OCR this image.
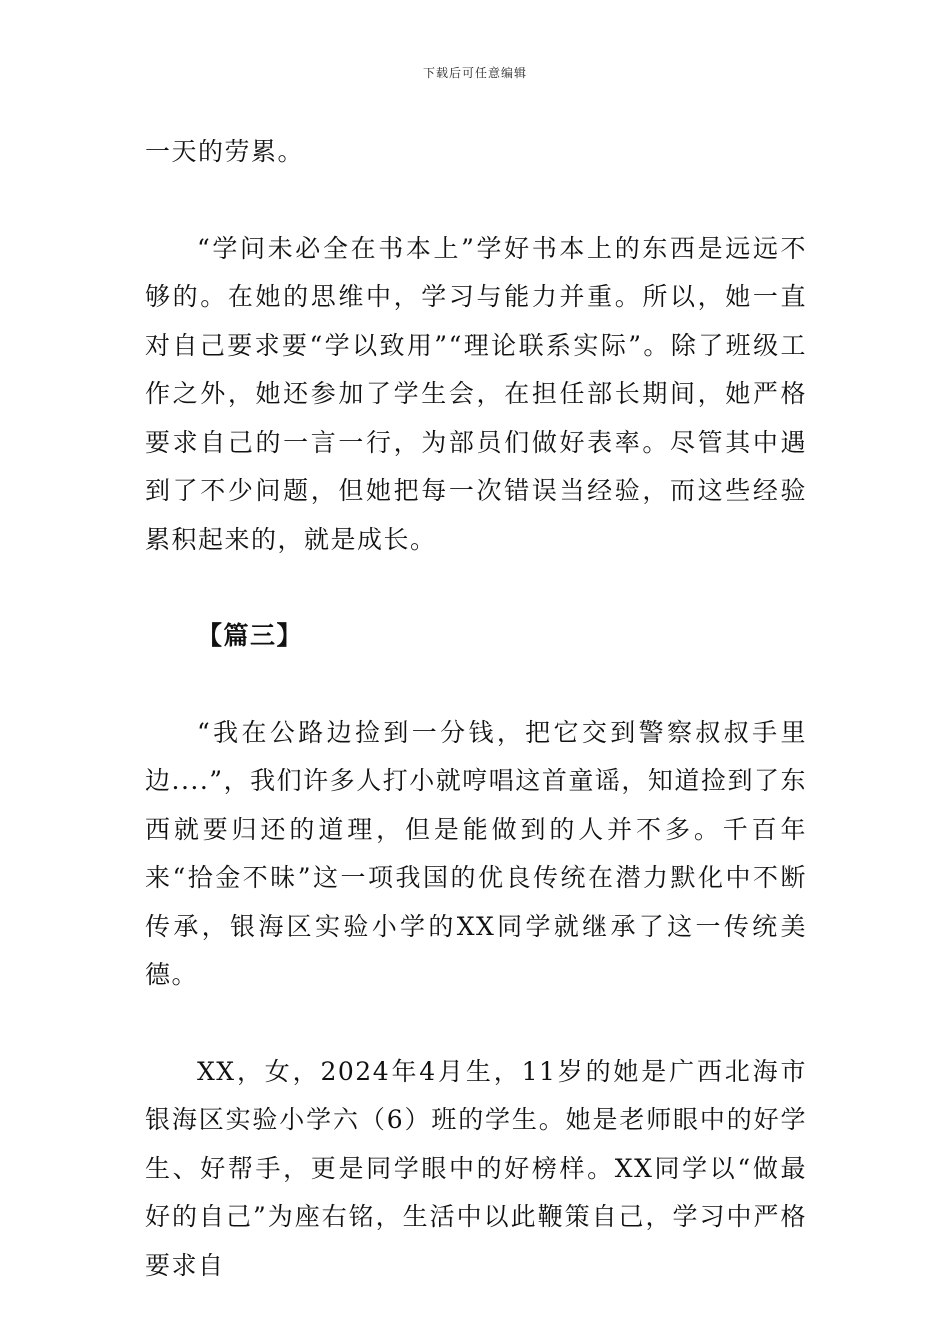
下载后可任意编辑

一天的劳累。

“学问未必全在书本上”学好书本上的东西是远远不够的。在她的思维中，学习与能力并重。所以，她一直对自己要求要“学以致用”“理论联系实际”。除了班级工作之外，她还参加了学生会，在担任部长期间，她严格要求自己的一言一行，为部员们做好表率。尽管其中遇到了不少问题，但她把每一次错误当经验，而这些经验累积起来的，就是成长。

【篇三】

“我在公路边捡到一分钱，把它交到警察叔叔手里边....”，我们许多人打小就哼唱这首童谣，知道捡到了东西就要归还的道理，但是能做到的人并不多。千百年来“拾金不昧”这一项我国的优良传统在潜力默化中不断传承，银海区实验小学的XX同学就继承了这一传统美德。

XX，女，2024年4月生，11岁的她是广西北海市银海区实验小学六（6）班的学生。她是老师眼中的好学生、好帮手，更是同学眼中的好榜样。XX同学以“做最好的自己”为座右铭，生活中以此鞭策自己，学习中严格要求自
